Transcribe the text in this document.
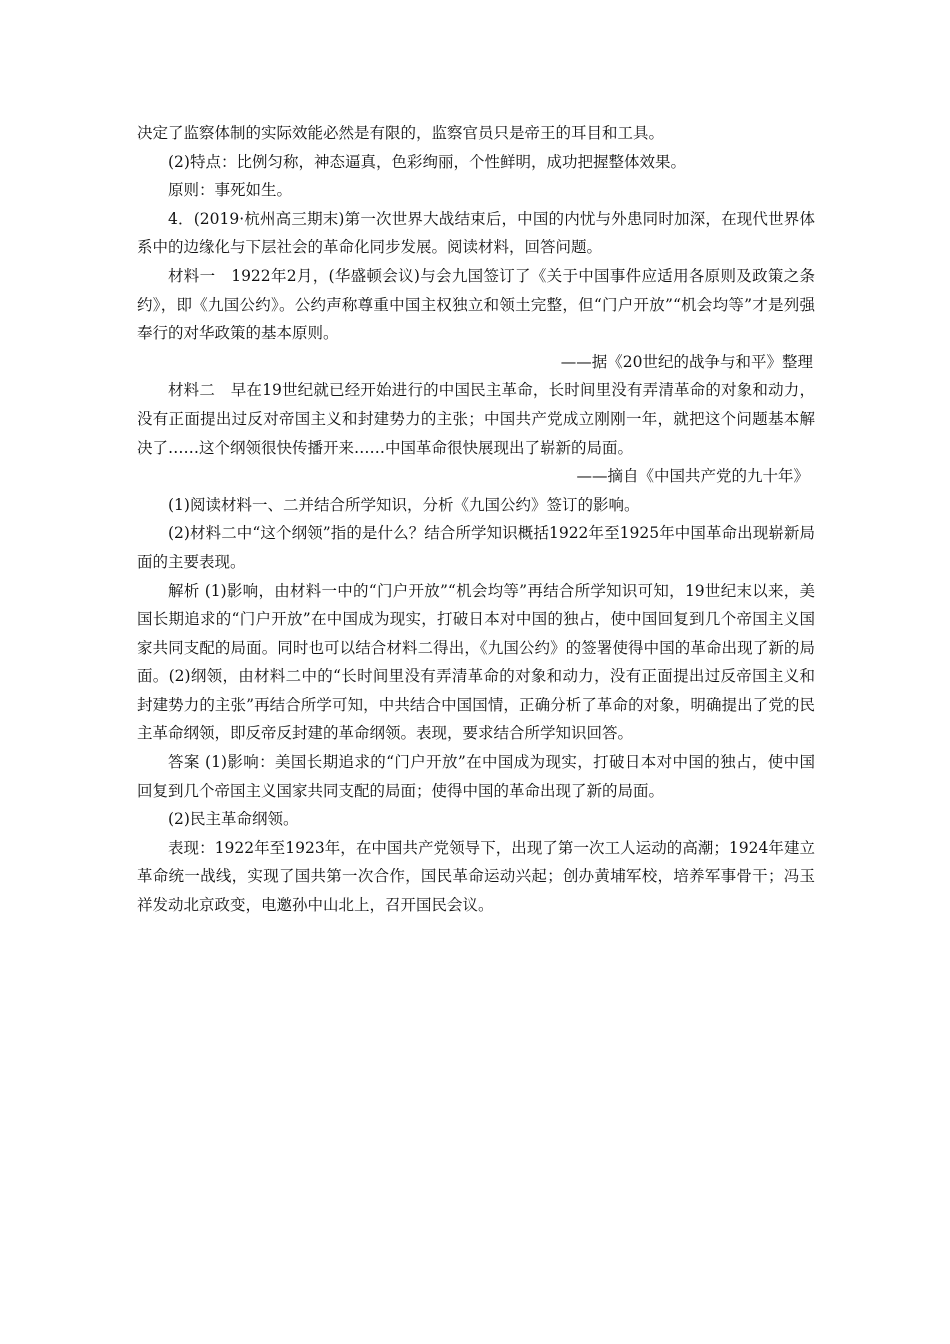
决定了监察体制的实际效能必然是有限的，监察官员只是帝王的耳目和工具。

(2)特点：比例匀称，神态逼真，色彩绚丽，个性鲜明，成功把握整体效果。

原则：事死如生。

4．(2019·杭州高三期末)第一次世界大战结束后，中国的内忧与外患同时加深，在现代世界体系中的边缘化与下层社会的革命化同步发展。阅读材料，回答问题。

材料一　1922年2月，(华盛顿会议)与会九国签订了《关于中国事件应适用各原则及政策之条约》，即《九国公约》。公约声称尊重中国主权独立和领土完整，但“门户开放”“机会均等”才是列强奉行的对华政策的基本原则。

——据《20世纪的战争与和平》整理

材料二　早在19世纪就已经开始进行的中国民主革命，长时间里没有弄清革命的对象和动力，没有正面提出过反对帝国主义和封建势力的主张；中国共产党成立刚刚一年，就把这个问题基本解决了……这个纲领很快传播开来……中国革命很快展现出了崭新的局面。

——摘自《中国共产党的九十年》

(1)阅读材料一、二并结合所学知识，分析《九国公约》签订的影响。

(2)材料二中“这个纲领”指的是什么？结合所学知识概括1922年至1925年中国革命出现崭新局面的主要表现。

解析 (1)影响，由材料一中的“门户开放”“机会均等”再结合所学知识可知，19世纪末以来，美国长期追求的“门户开放”在中国成为现实，打破日本对中国的独占，使中国回复到几个帝国主义国家共同支配的局面。同时也可以结合材料二得出，《九国公约》的签署使得中国的革命出现了新的局面。(2)纲领，由材料二中的“长时间里没有弄清革命的对象和动力，没有正面提出过反帝国主义和封建势力的主张”再结合所学可知，中共结合中国国情，正确分析了革命的对象，明确提出了党的民主革命纲领，即反帝反封建的革命纲领。表现，要求结合所学知识回答。

答案 (1)影响：美国长期追求的“门户开放”在中国成为现实，打破日本对中国的独占，使中国回复到几个帝国主义国家共同支配的局面；使得中国的革命出现了新的局面。

(2)民主革命纲领。

表现：1922年至1923年，在中国共产党领导下，出现了第一次工人运动的高潮；1924年建立革命统一战线，实现了国共第一次合作，国民革命运动兴起；创办黄埔军校，培养军事骨干；冯玉祥发动北京政变，电邀孙中山北上，召开国民会议。
